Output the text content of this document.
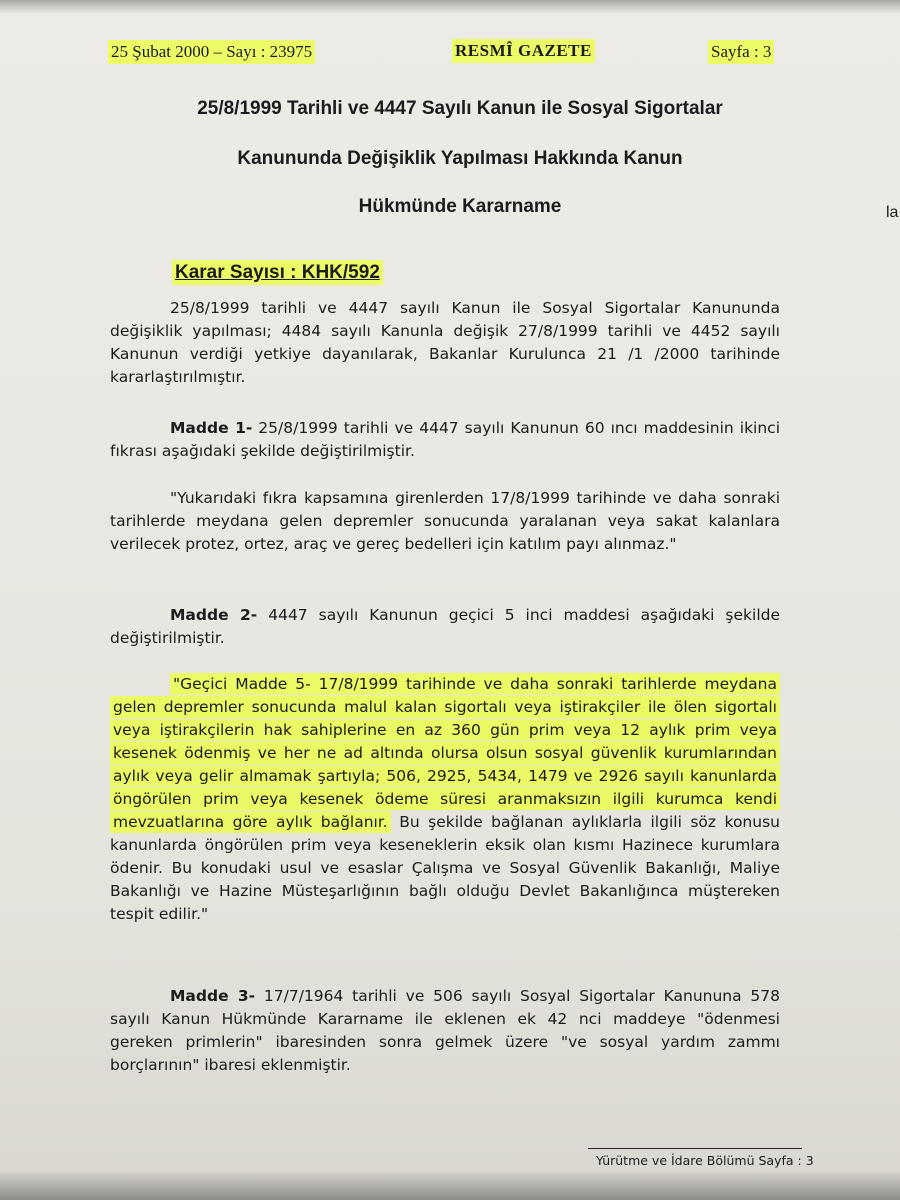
25 Şubat 2000 – Sayı : 23975	RESMÎ GAZETE	Sayfa : 3
25/8/1999 Tarihli ve 4447 Sayılı Kanun ile Sosyal Sigortalar
Kanununda Değişiklik Yapılması Hakkında Kanun
Hükmünde Kararname	la
Karar Sayısı : KHK/592
25/8/1999 tarihli ve 4447 sayılı Kanun ile Sosyal Sigortalar Kanununda değişiklik yapılması; 4484 sayılı Kanunla değişik 27/8/1999 tarihli ve 4452 sayılı Kanunun verdiği yetkiye dayanılarak, Bakanlar Kurulunca 21 /1 /2000 tarihinde kararlaştırılmıştır.
Madde 1- 25/8/1999 tarihli ve 4447 sayılı Kanunun 60 ıncı maddesinin ikinci fıkrası aşağıdaki şekilde değiştirilmiştir.
"Yukarıdaki fıkra kapsamına girenlerden 17/8/1999 tarihinde ve daha sonraki tarihlerde meydana gelen depremler sonucunda yaralanan veya sakat kalanlara verilecek protez, ortez, araç ve gereç bedelleri için katılım payı alınmaz."
Madde 2- 4447 sayılı Kanunun geçici 5 inci maddesi aşağıdaki şekilde değiştirilmiştir.
"Geçici Madde 5- 17/8/1999 tarihinde ve daha sonraki tarihlerde meydana gelen depremler sonucunda malul kalan sigortalı veya iştirakçiler ile ölen sigortalı veya iştirakçilerin hak sahiplerine en az 360 gün prim veya 12 aylık prim veya kesenek ödenmiş ve her ne ad altında olursa olsun sosyal güvenlik kurumlarından aylık veya gelir almamak şartıyla; 506, 2925, 5434, 1479 ve 2926 sayılı kanunlarda öngörülen prim veya kesenek ödeme süresi aranmaksızın ilgili kurumca kendi mevzuatlarına göre aylık bağlanır. Bu şekilde bağlanan aylıklarla ilgili söz konusu kanunlarda öngörülen prim veya keseneklerin eksik olan kısmı Hazinece kurumlara ödenir. Bu konudaki usul ve esaslar Çalışma ve Sosyal Güvenlik Bakanlığı, Maliye Bakanlığı ve Hazine Müsteşarlığının bağlı olduğu Devlet Bakanlığınca müştereken tespit edilir."
Madde 3- 17/7/1964 tarihli ve 506 sayılı Sosyal Sigortalar Kanununa 578 sayılı Kanun Hükmünde Kararname ile eklenen ek 42 nci maddeye "ödenmesi gereken primlerin" ibaresinden sonra gelmek üzere "ve sosyal yardım zammı borçlarının" ibaresi eklenmiştir.
Yürütme ve İdare Bölümü Sayfa : 3
